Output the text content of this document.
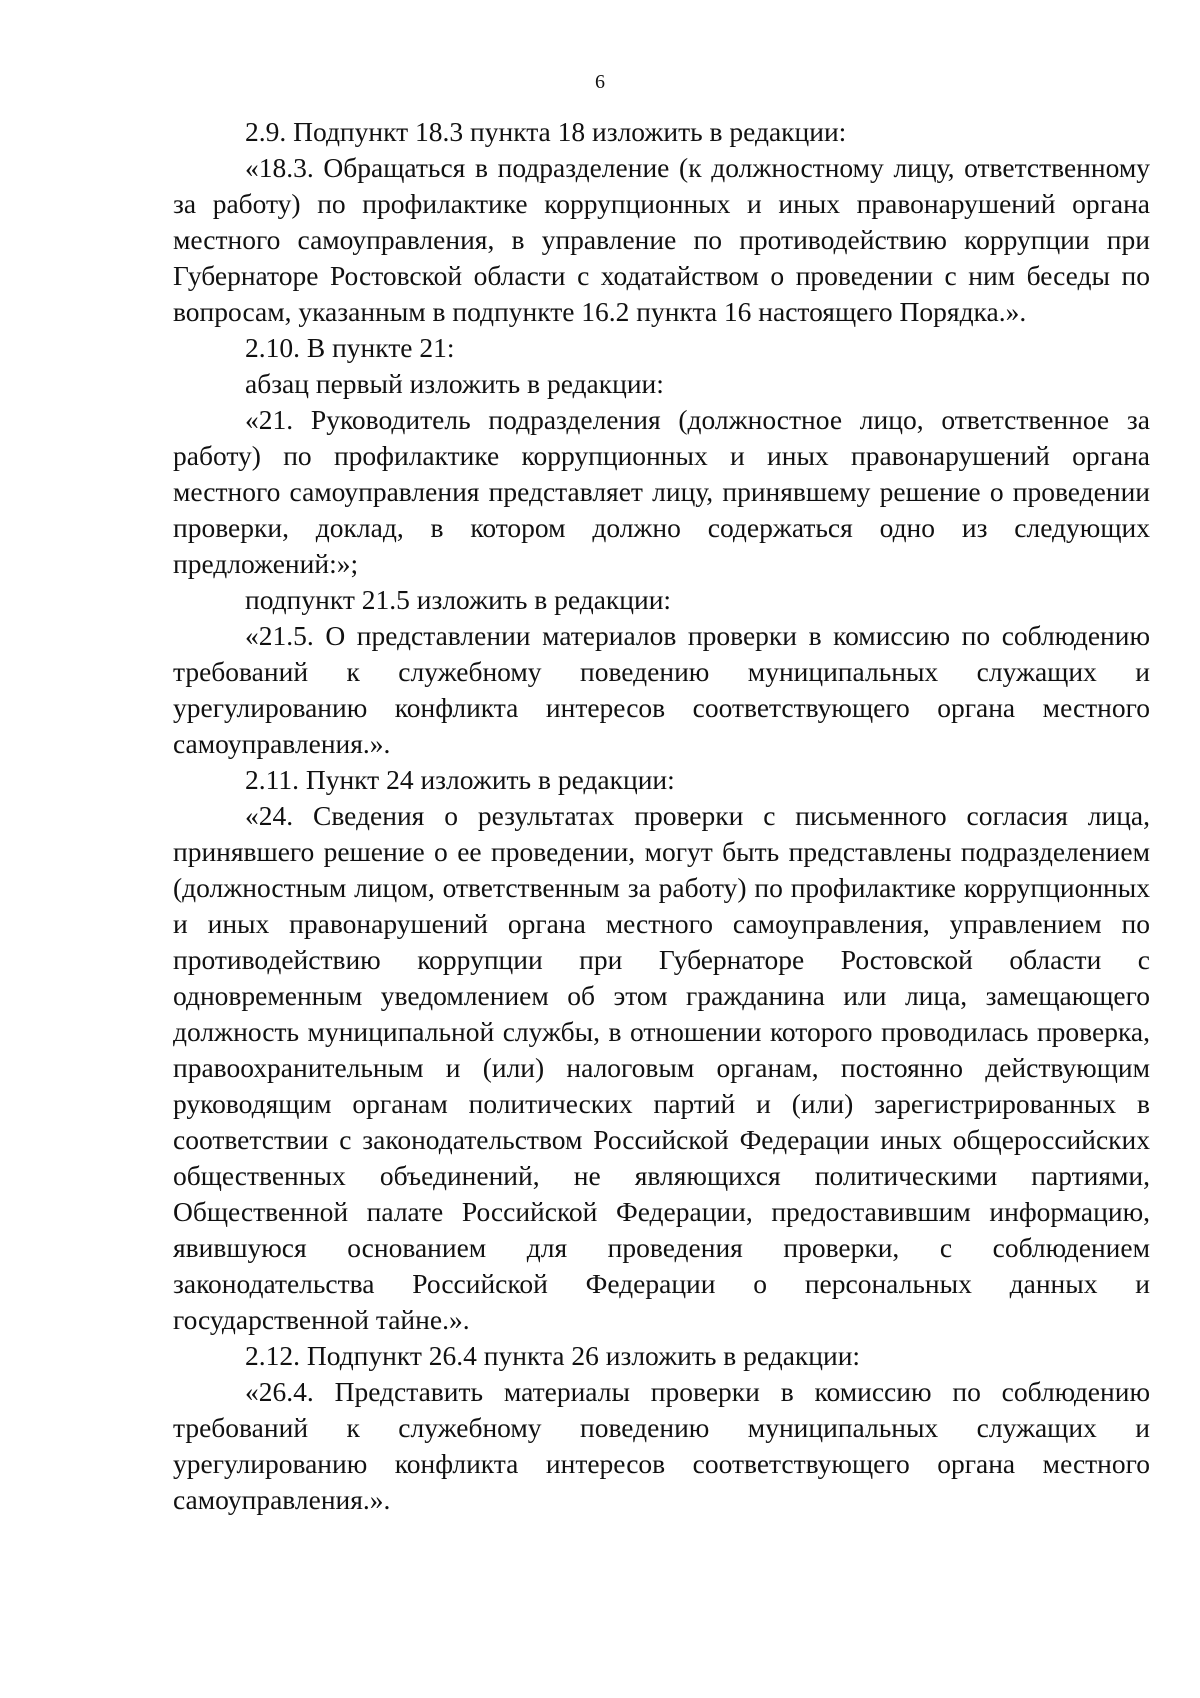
6

2.9. Подпункт 18.3 пункта 18 изложить в редакции:

«18.3. Обращаться в подразделение (к должностному лицу, ответственному за работу) по профилактике коррупционных и иных правонарушений органа местного самоуправления, в управление по противодействию коррупции при Губернаторе Ростовской области с ходатайством о проведении с ним беседы по вопросам, указанным в подпункте 16.2 пункта 16 настоящего Порядка.».

2.10. В пункте 21:

абзац первый изложить в редакции:

«21. Руководитель подразделения (должностное лицо, ответственное за работу) по профилактике коррупционных и иных правонарушений органа местного самоуправления представляет лицу, принявшему решение о проведении проверки, доклад, в котором должно содержаться одно из следующих предложений:»;

подпункт 21.5 изложить в редакции:

«21.5. О представлении материалов проверки в комиссию по соблюдению требований к служебному поведению муниципальных служащих и урегулированию конфликта интересов соответствующего органа местного самоуправления.».

2.11. Пункт 24 изложить в редакции:

«24. Сведения о результатах проверки с письменного согласия лица, принявшего решение о ее проведении, могут быть представлены подразделением (должностным лицом, ответственным за работу) по профилактике коррупционных и иных правонарушений органа местного самоуправления, управлением по противодействию коррупции при Губернаторе Ростовской области с одновременным уведомлением об этом гражданина или лица, замещающего должность муниципальной службы, в отношении которого проводилась проверка, правоохранительным и (или) налоговым органам, постоянно действующим руководящим органам политических партий и (или) зарегистрированных в соответствии с законодательством Российской Федерации иных общероссийских общественных объединений, не являющихся политическими партиями, Общественной палате Российской Федерации, предоставившим информацию, явившуюся основанием для проведения проверки, с соблюдением законодательства Российской Федерации о персональных данных и государственной тайне.».

2.12. Подпункт 26.4 пункта 26 изложить в редакции:

«26.4. Представить материалы проверки в комиссию по соблюдению требований к служебному поведению муниципальных служащих и урегулированию конфликта интересов соответствующего органа местного самоуправления.».
